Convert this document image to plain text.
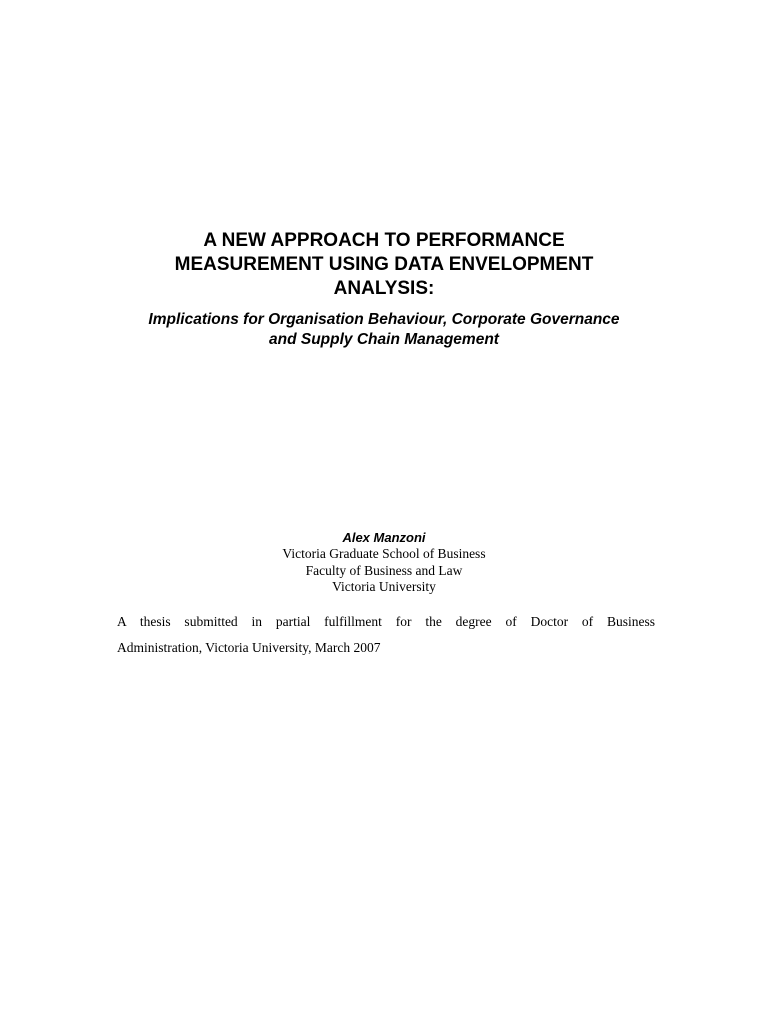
A NEW APPROACH TO PERFORMANCE
MEASUREMENT USING DATA ENVELOPMENT
ANALYSIS:
Implications for Organisation Behaviour, Corporate Governance
and Supply Chain Management
Alex Manzoni
Victoria Graduate School of Business
Faculty of Business and Law
Victoria University
A thesis submitted in partial fulfillment for the degree of Doctor of Business
Administration, Victoria University, March 2007
